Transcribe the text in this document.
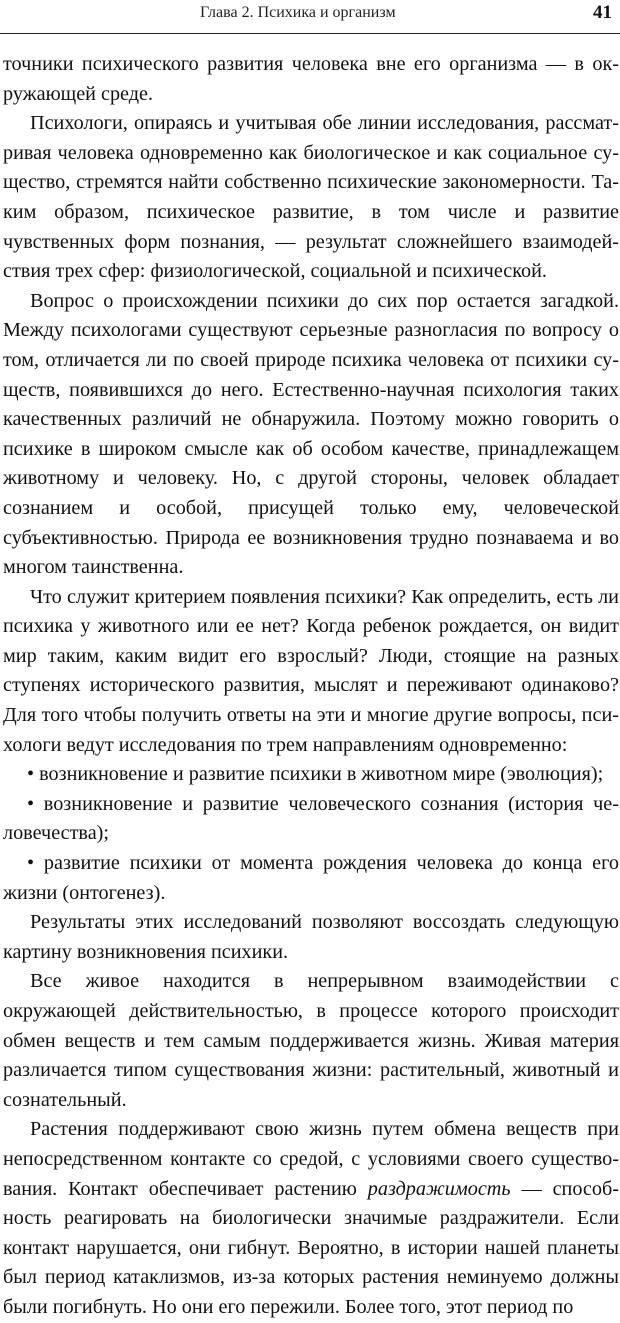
Глава 2. Психика и организм	41

точники психического развития человека вне его организма — в окружающей среде.

Психологи, опираясь и учитывая обе линии исследования, рассматривая человека одновременно как биологическое и как социальное существо, стремятся найти собственно психические закономерности. Таким образом, психическое развитие, в том числе и развитие чувственных форм познания, — результат сложнейшего взаимодействия трех сфер: физиологической, социальной и психической.

Вопрос о происхождении психики до сих пор остается загадкой. Между психологами существуют серьезные разногласия по вопросу о том, отличается ли по своей природе психика человека от психики существ, появившихся до него. Естественно-научная психология таких качественных различий не обнаружила. Поэтому можно говорить о психике в широком смысле как об особом качестве, принадлежащем животному и человеку. Но, с другой стороны, человек обладает сознанием и особой, присущей только ему, человеческой субъективностью. Природа ее возникновения трудно познаваема и во многом таинственна.

Что служит критерием появления психики? Как определить, есть ли психика у животного или ее нет? Когда ребенок рождается, он видит мир таким, каким видит его взрослый? Люди, стоящие на разных ступенях исторического развития, мыслят и переживают одинаково? Для того чтобы получить ответы на эти и многие другие вопросы, психологи ведут исследования по трем направлениям одновременно:

• возникновение и развитие психики в животном мире (эволюция);

• возникновение и развитие человеческого сознания (история человечества);

• развитие психики от момента рождения человека до конца его жизни (онтогенез).

Результаты этих исследований позволяют воссоздать следующую картину возникновения психики.

Все живое находится в непрерывном взаимодействии с окружающей действительностью, в процессе которого происходит обмен веществ и тем самым поддерживается жизнь. Живая материя различается типом существования жизни: растительный, животный и сознательный.

Растения поддерживают свою жизнь путем обмена веществ при непосредственном контакте со средой, с условиями своего существования. Контакт обеспечивает растению раздражимость — способность реагировать на биологически значимые раздражители. Если контакт нарушается, они гибнут. Вероятно, в истории нашей планеты был период катаклизмов, из-за которых растения неминуемо должны были погибнуть. Но они его пережили. Более того, этот период по
